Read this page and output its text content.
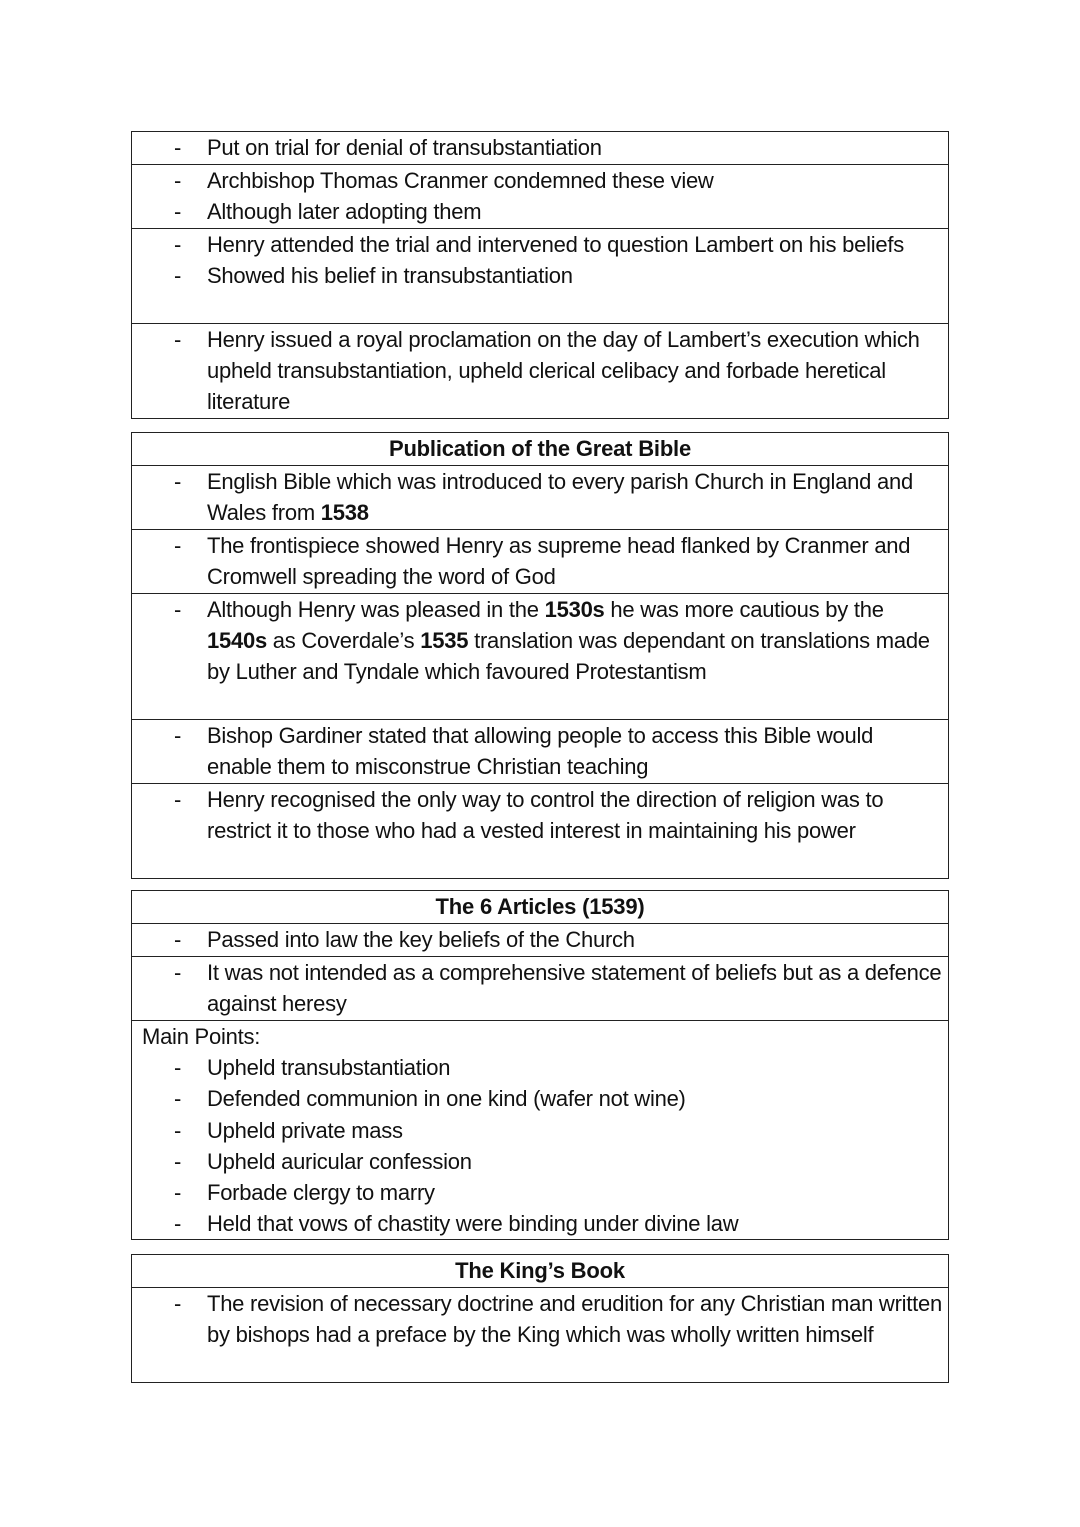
- Put on trial for denial of transubstantiation

- Archbishop Thomas Cranmer condemned these view
- Although later adopting them

- Henry attended the trial and intervened to question Lambert on his beliefs
- Showed his belief in transubstantiation

- Henry issued a royal proclamation on the day of Lambert’s execution which upheld transubstantiation, upheld clerical celibacy and forbade heretical literature
Publication of the Great Bible

- English Bible which was introduced to every parish Church in England and Wales from 1538

- The frontispiece showed Henry as supreme head flanked by Cranmer and Cromwell spreading the word of God

- Although Henry was pleased in the 1530s he was more cautious by the 1540s as Coverdale’s 1535 translation was dependant on translations made by Luther and Tyndale which favoured Protestantism

- Bishop Gardiner stated that allowing people to access this Bible would enable them to misconstrue Christian teaching

- Henry recognised the only way to control the direction of religion was to restrict it to those who had a vested interest in maintaining his power
The 6 Articles (1539)

- Passed into law the key beliefs of the Church

- It was not intended as a comprehensive statement of beliefs but as a defence against heresy

Main Points:
- Upheld transubstantiation
- Defended communion in one kind (wafer not wine)
- Upheld private mass
- Upheld auricular confession
- Forbade clergy to marry
- Held that vows of chastity were binding under divine law
The King’s Book

- The revision of necessary doctrine and erudition for any Christian man written by bishops had a preface by the King which was wholly written himself
